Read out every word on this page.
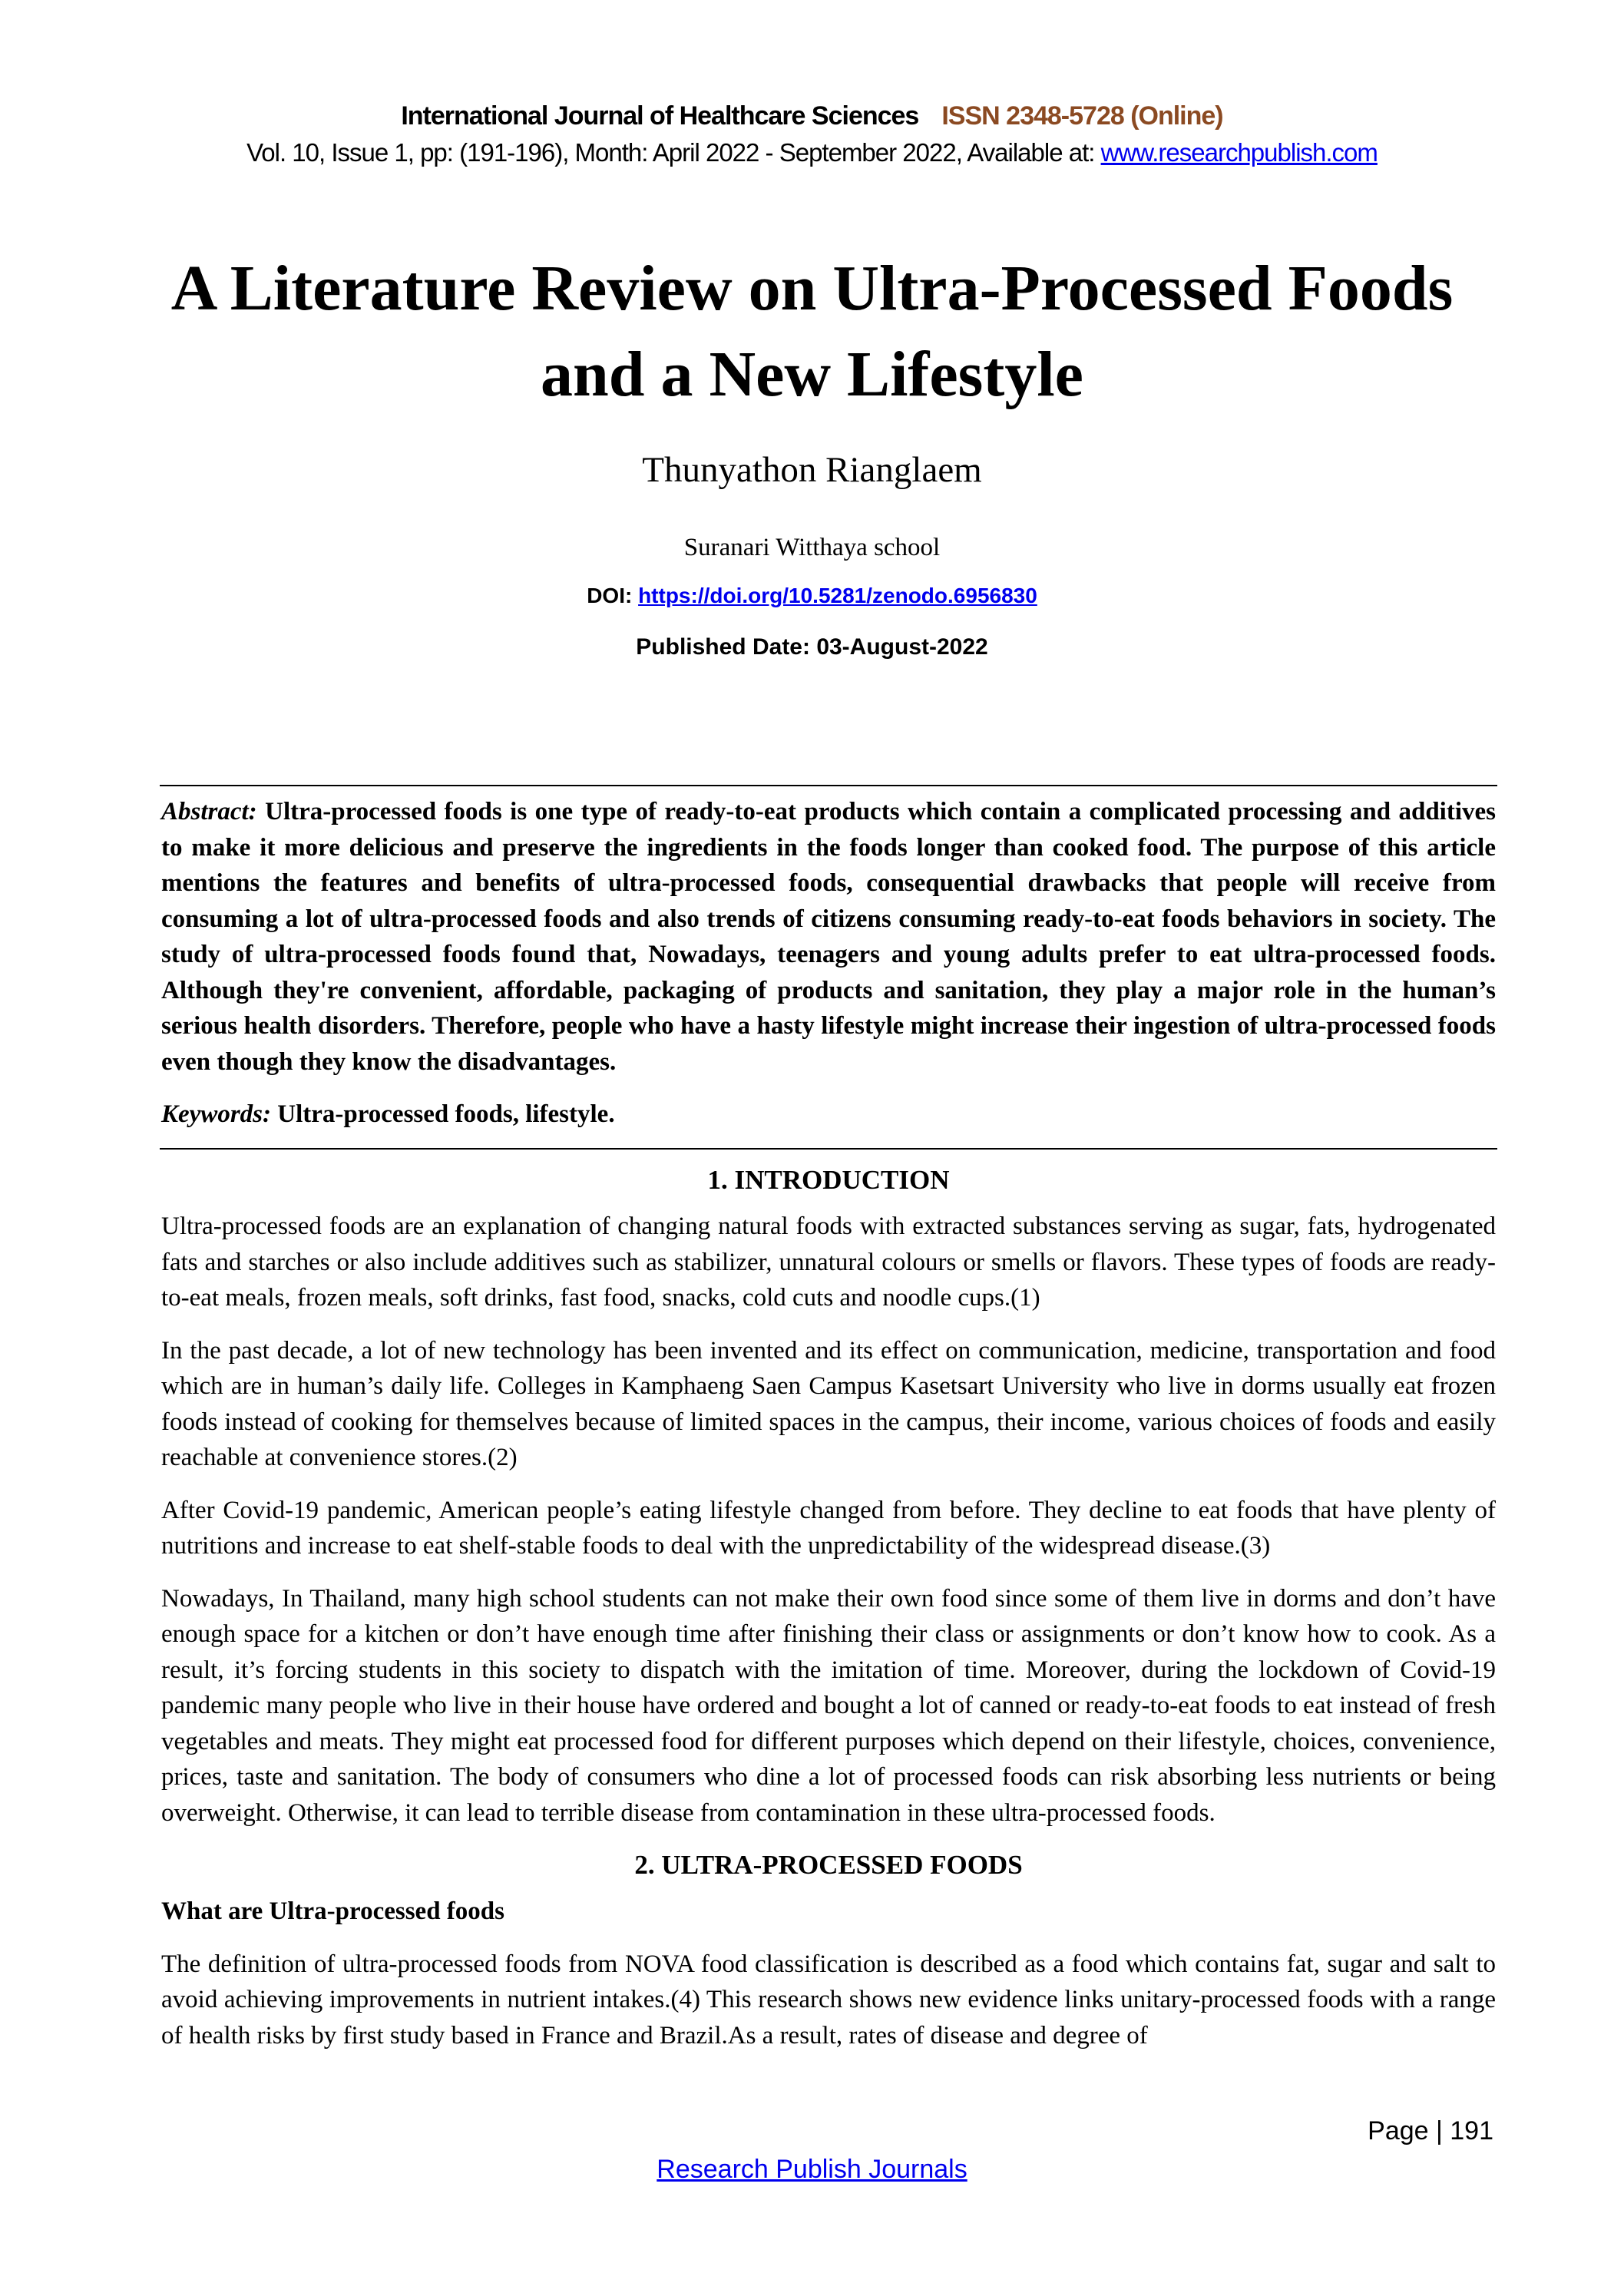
International Journal of Healthcare Sciences ISSN 2348-5728 (Online)
Vol. 10, Issue 1, pp: (191-196), Month: April 2022 - September 2022, Available at: www.researchpublish.com
A Literature Review on Ultra-Processed Foods
and a New Lifestyle
Thunyathon Rianglaem
Suranari Witthaya school
DOI: https://doi.org/10.5281/zenodo.6956830
Published Date: 03-August-2022
Abstract: Ultra-processed foods is one type of ready-to-eat products which contain a complicated processing and additives to make it more delicious and preserve the ingredients in the foods longer than cooked food. The purpose of this article mentions the features and benefits of ultra-processed foods, consequential drawbacks that people will receive from consuming a lot of ultra-processed foods and also trends of citizens consuming ready-to-eat foods behaviors in society. The study of ultra-processed foods found that, Nowadays, teenagers and young adults prefer to eat ultra-processed foods. Although they're convenient, affordable, packaging of products and sanitation, they play a major role in the human’s serious health disorders. Therefore, people who have a hasty lifestyle might increase their ingestion of ultra-processed foods even though they know the disadvantages.
Keywords: Ultra-processed foods, lifestyle.
1. INTRODUCTION

Ultra-processed foods are an explanation of changing natural foods with extracted substances serving as sugar, fats, hydrogenated fats and starches or also include additives such as stabilizer, unnatural colours or smells or flavors. These types of foods are ready-to-eat meals, frozen meals, soft drinks, fast food, snacks, cold cuts and noodle cups.(1)

In the past decade, a lot of new technology has been invented and its effect on communication, medicine, transportation and food which are in human’s daily life. Colleges in Kamphaeng Saen Campus Kasetsart University who live in dorms usually eat frozen foods instead of cooking for themselves because of limited spaces in the campus, their income, various choices of foods and easily reachable at convenience stores.(2)

After Covid-19 pandemic, American people’s eating lifestyle changed from before. They decline to eat foods that have plenty of nutritions and increase to eat shelf-stable foods to deal with the unpredictability of the widespread disease.(3)

Nowadays, In Thailand, many high school students can not make their own food since some of them live in dorms and don’t have enough space for a kitchen or don’t have enough time after finishing their class or assignments or don’t know how to cook. As a result, it’s forcing students in this society to dispatch with the imitation of time. Moreover, during the lockdown of Covid-19 pandemic many people who live in their house have ordered and bought a lot of canned or ready-to-eat foods to eat instead of fresh vegetables and meats. They might eat processed food for different purposes which depend on their lifestyle, choices, convenience, prices, taste and sanitation. The body of consumers who dine a lot of processed foods can risk absorbing less nutrients or being overweight. Otherwise, it can lead to terrible disease from contamination in these ultra-processed foods.

2. ULTRA-PROCESSED FOODS
What are Ultra-processed foods

The definition of ultra-processed foods from NOVA food classification is described as a food which contains fat, sugar and salt to avoid achieving improvements in nutrient intakes.(4) This research shows new evidence links unitary-processed foods with a range of health risks by first study based in France and Brazil.As a result, rates of disease and degree of

Page | 191
Research Publish Journals
